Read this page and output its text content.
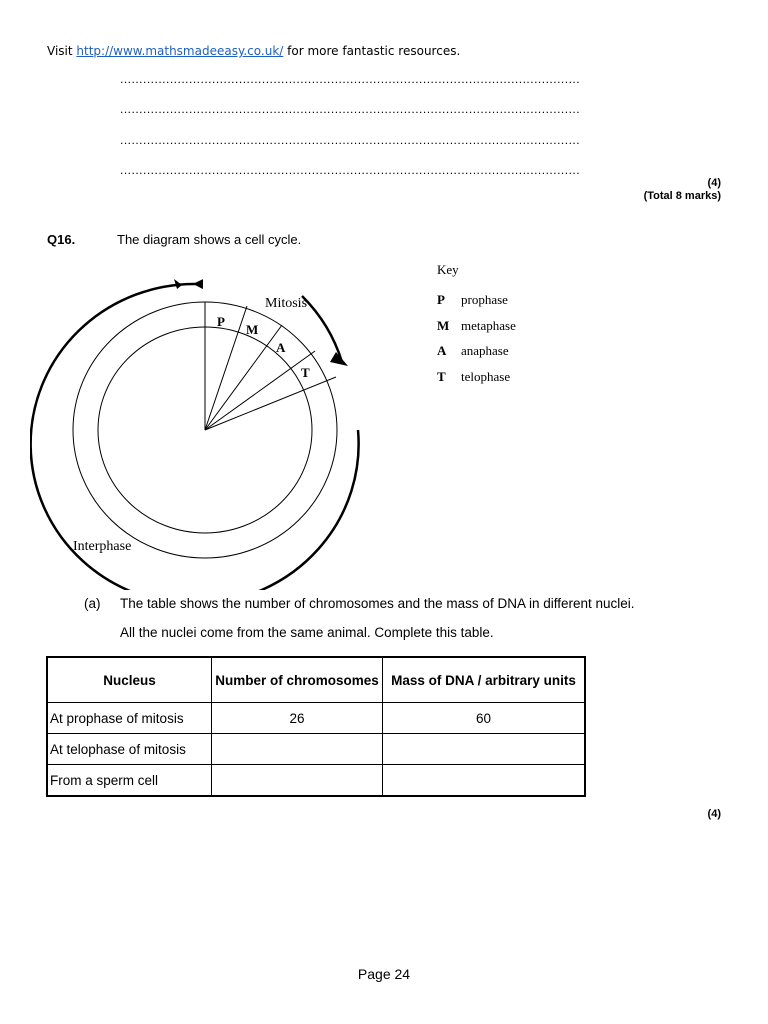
Visit http://www.mathsmadeeasy.co.uk/ for more fantastic resources.
........................................................................................................................
........................................................................................................................
........................................................................................................................
........................................................................................................................
(4)
(Total 8 marks)
Q16.	The diagram shows a cell cycle.
Mitosis
Interphase
P
M
A
T
Key
P prophase
M metaphase
A anaphase
T telophase
(a) The table shows the number of chromosomes and the mass of DNA in different nuclei.
All the nuclei come from the same animal. Complete this table.
Nucleus	Number of chromosomes	Mass of DNA / arbitrary units
At prophase of mitosis	26	60
At telophase of mitosis		
From a sperm cell		
(4)
Page 24
